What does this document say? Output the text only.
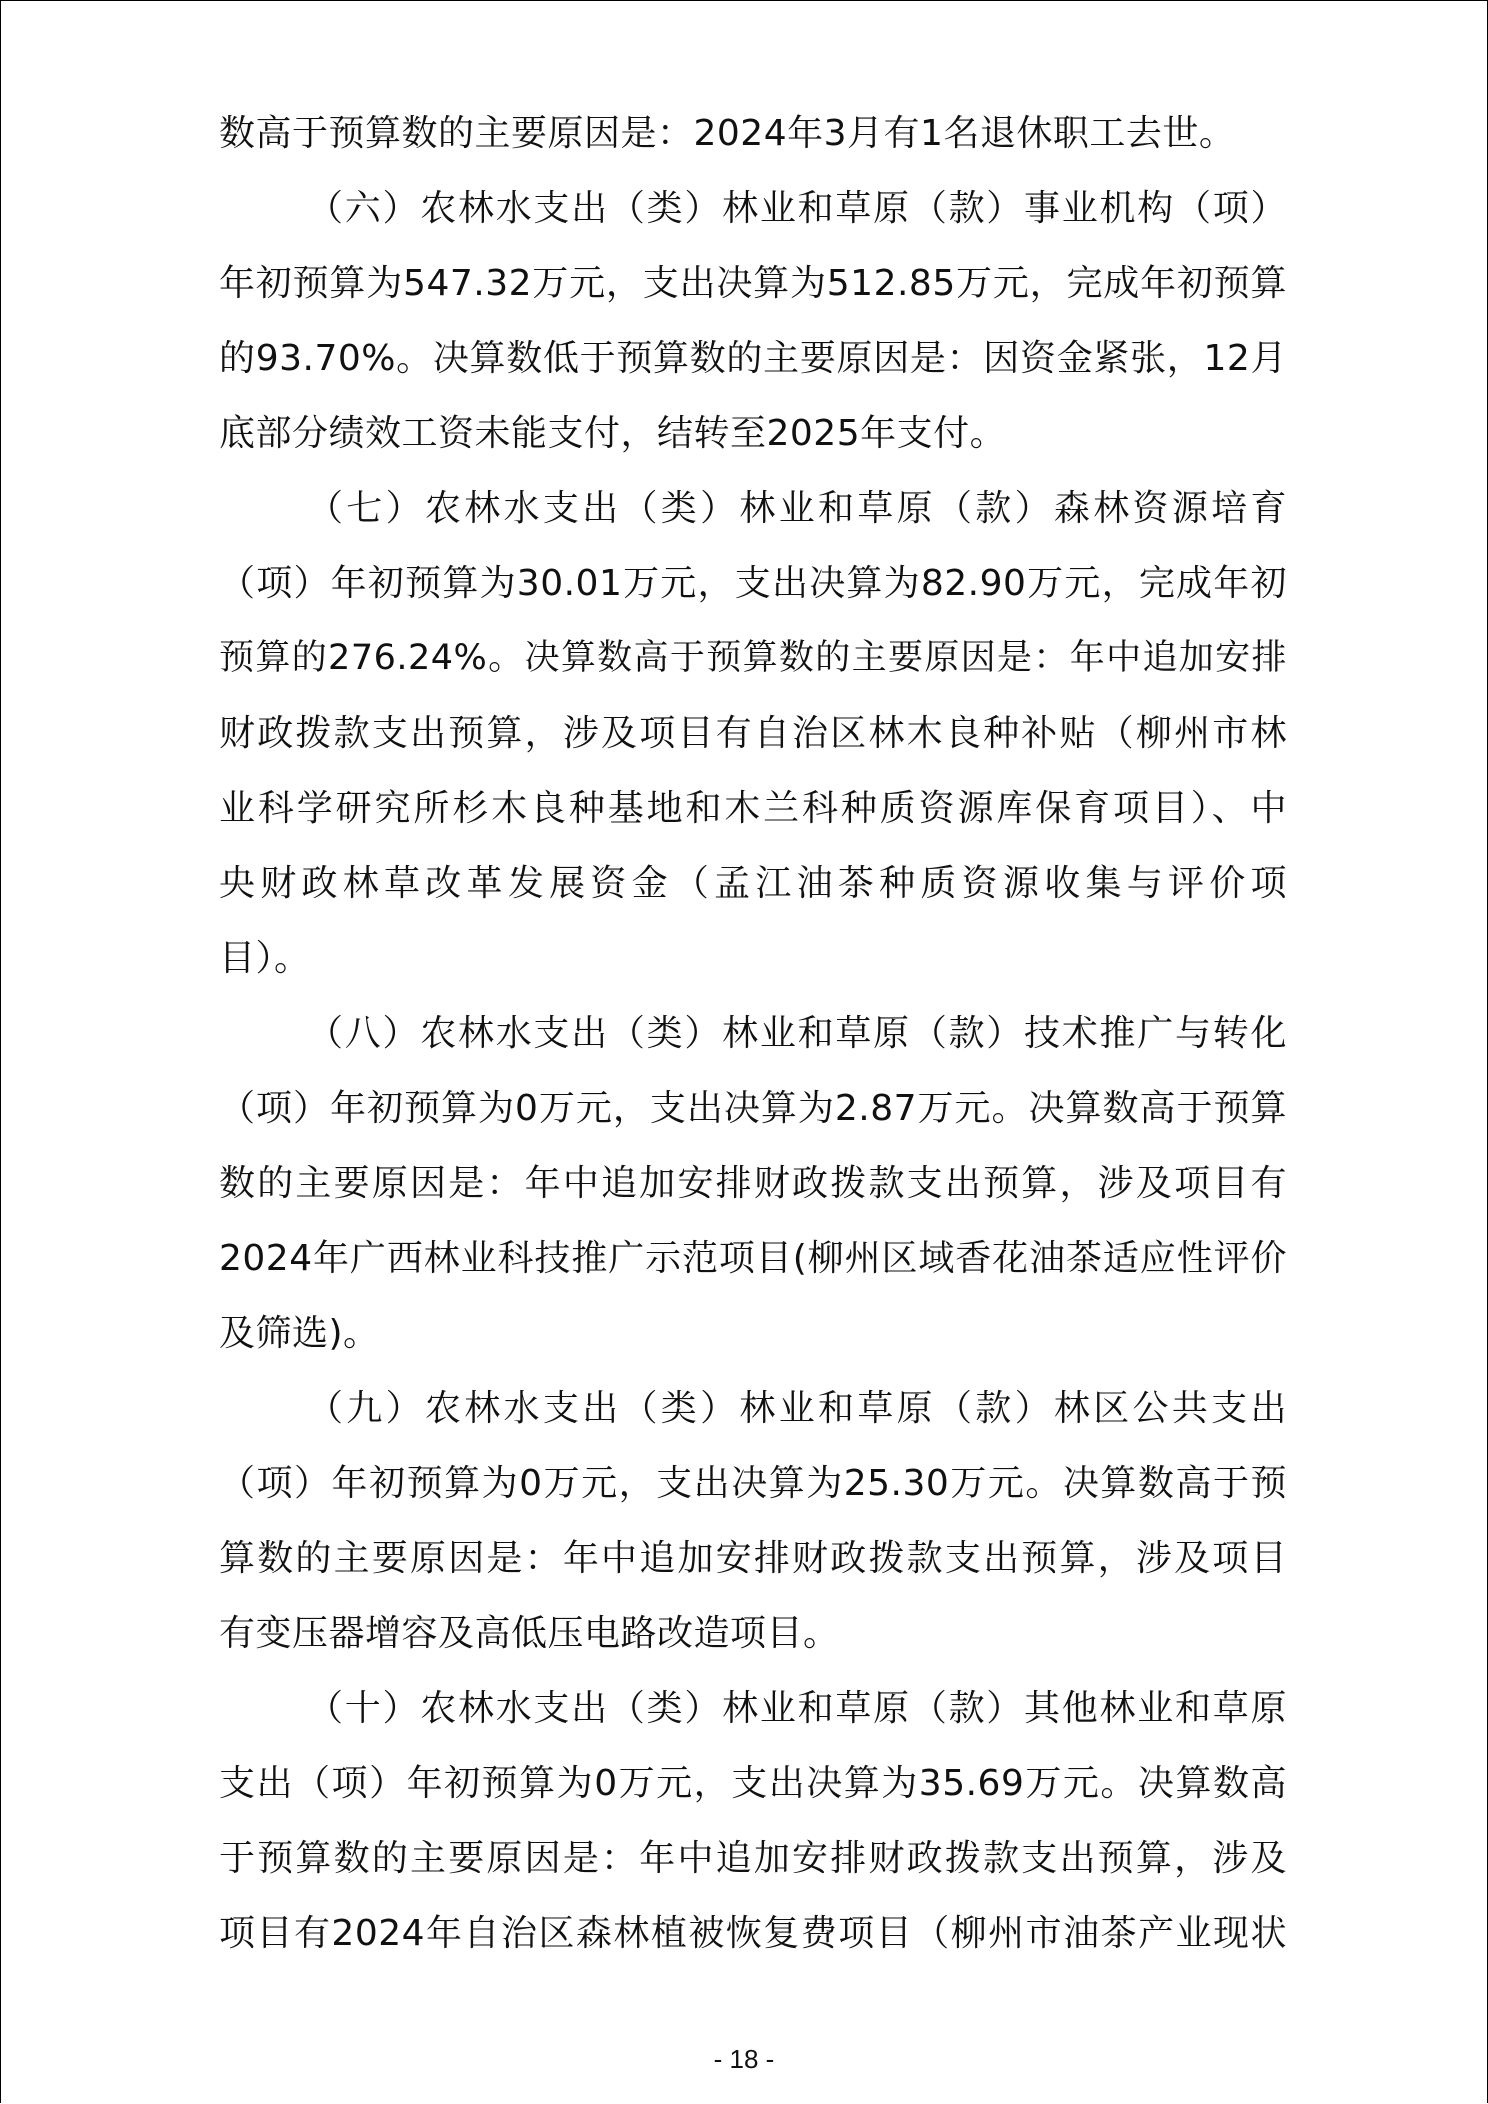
数高于预算数的主要原因是：2024年3月有1名退休职工去世。
（六）农林水支出（类）林业和草原（款）事业机构（项）
年初预算为547.32万元，支出决算为512.85万元，完成年初预算
的93.70%。决算数低于预算数的主要原因是：因资金紧张，12月
底部分绩效工资未能支付，结转至2025年支付。
（七）农林水支出（类）林业和草原（款）森林资源培育
（项）年初预算为30.01万元，支出决算为82.90万元，完成年初
预算的276.24%。决算数高于预算数的主要原因是：年中追加安排
财政拨款支出预算，涉及项目有自治区林木良种补贴（柳州市林
业科学研究所杉木良种基地和木兰科种质资源库保育项目）、中
央财政林草改革发展资金（孟江油茶种质资源收集与评价项
目）。
（八）农林水支出（类）林业和草原（款）技术推广与转化
（项）年初预算为0万元，支出决算为2.87万元。决算数高于预算
数的主要原因是：年中追加安排财政拨款支出预算，涉及项目有
2024年广西林业科技推广示范项目(柳州区域香花油茶适应性评价
及筛选)。
（九）农林水支出（类）林业和草原（款）林区公共支出
（项）年初预算为0万元，支出决算为25.30万元。决算数高于预
算数的主要原因是：年中追加安排财政拨款支出预算，涉及项目
有变压器增容及高低压电路改造项目。
（十）农林水支出（类）林业和草原（款）其他林业和草原
支出（项）年初预算为0万元，支出决算为35.69万元。决算数高
于预算数的主要原因是：年中追加安排财政拨款支出预算，涉及
项目有2024年自治区森林植被恢复费项目（柳州市油茶产业现状
- 18 -
